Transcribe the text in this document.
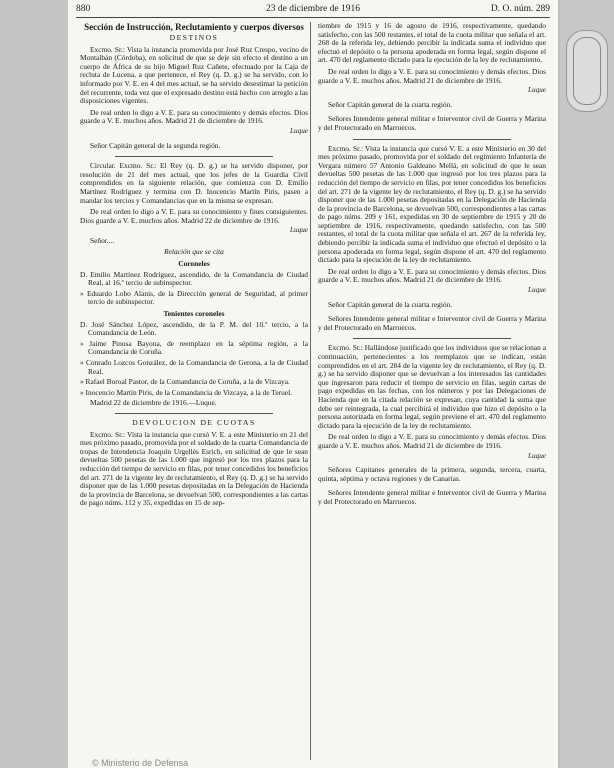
880	23 de diciembre de 1916	D. O. núm. 289
Sección de Instrucción, Reclutamiento y cuerpos diversos
DESTINOS

Excmo. Sr.: Vista la instancia promovida por José Ruz Crespo, vecino de Montalbán (Córdoba), en solicitud de que se deje sin efecto el destino a un cuerpo de África de su hijo Miguel Ruz Cañete, efectuado por la Caja de recluta de Lucena, a que pertenece, el Rey (q. D. g.) se ha servido, con lo informado por V. E. en 4 del mes actual, se ha servido desestimar la petición del recurrente, toda vez que el expresado destino está hecho con arreglo a las disposiciones vigentes.

De real orden lo digo a V. E. para su conocimiento y demás efectos. Dios guarde a V. E. muchos años. Madrid 21 de diciembre de 1916.

Luque

Señor Capitán general de la segunda región.

Circular. Excmo. Sr.: El Rey (q. D. g.) se ha servido disponer, por resolución de 21 del mes actual, que los jefes de la Guardia Civil comprendidos en la siguiente relación, que comienza con D. Emilio Martínez Rodríguez y termina con D. Inocencio Martín Piris, pasen a mandar los tercios y Comandancias que en la misma se expresan.

De real orden lo digo a V. E. para su conocimiento y fines consiguientes. Dios guarde a V. E. muchos años. Madrid 22 de diciembre de 1916.

Luque

Señor....

Relación que se cita
Coroneles

D. Emilio Martínez Rodríguez, ascendido, de la Comandancia de Ciudad Real, al 16.º tercio de subinspector.

» Eduardo Lobo Alanis, de la Dirección general de Seguridad, al primer tercio de subinspector.

Tenientes coroneles

D. José Sánchez López, ascendido, de la P. M. del 10.º tercio, a la Comandancia de León.

» Jaime Pinosa Bayona, de reemplazo en la séptima región, a la Comandancia de Coruña.

» Conrado Lozcos González, de la Comandancia de Gerona, a la de Ciudad Real.

» Rafael Boroal Pastor, de la Comandancia de Coruña, a la de Vizcaya.

» Inocencio Martín Piris, de la Comandancia de Vizcaya, a la de Teruel.

Madrid 22 de diciembre de 1916.—Luque.

DEVOLUCION DE CUOTAS

Excmo. Sr.: Vista la instancia que cursó V. E. a este Ministerio en 21 del mes próximo pasado, promovida por el soldado de la cuarta Comandancia de tropas de Intendencia Joaquín Urgellés Esrich, en solicitud de que le sean devueltas 500 pesetas de las 1.000 que ingresó por los tres plazos para la reducción del tiempo de servicio en filas, por tener concedidos los beneficios del art. 271 de la vigente ley de reclutamiento, el Rey (q. D. g.) se ha servido disponer que de las 1.000 pesetas depositadas en la Delegación de Hacienda de la provincia de Barcelona, se devuelvan 500, correspondientes a las cartas de pago núms. 112 y 35, expedidas en 15 de sep-

tiembre de 1915 y 16 de agosto de 1916, respectivamente, quedando satisfecho, con las 500 restantes, el total de la cuota militar que señala el art. 268 de la referida ley, debiendo percibir la indicada suma el individuo que efectuó el depósito o la persona apoderada en forma legal, según dispone el art. 470 del reglamento dictado para la ejecución de la ley de reclutamiento.

De real orden lo digo a V. E. para su conocimiento y demás efectos. Dios guarde a V. E. muchos años. Madrid 21 de diciembre de 1916.

Luque

Señor Capitán general de la cuarta región.

Señores Intendente general militar e Interventor civil de Guerra y Marina y del Protectorado en Marruecos.

Excmo. Sr.: Vista la instancia que cursó V. E. a este Ministerio en 30 del mes próximo pasado, promovida por el soldado del regimiento Infantería de Vergara número 57 Antonio Galdeano Mellá, en solicitud de que le sean devueltas 500 pesetas de las 1.000 que ingresó por los tres plazos para la reducción del tiempo de servicio en filas, por tener concedidos los beneficios del art. 271 de la vigente ley de reclutamiento, el Rey (q. D. g.) se ha servido disponer que de las 1.000 pesetas depositadas en la Delegación de Hacienda de la provincia de Barcelona, se devuelvan 500, correspondientes a las cartas de pago núms. 209 y 161, expedidas en 30 de septiembre de 1915 y 20 de septiembre de 1916, respectivamente, quedando satisfecho, con las 500 restantes, el total de la cuota militar que señala el art. 267 de la referida ley, debiendo percibir la indicada suma el individuo que efectuó el depósito o la persona apoderada en forma legal, según dispone el art. 470 del reglamento dictado para la ejecución de la ley de reclutamiento.

De real orden lo digo a V. E. para su conocimiento y demás efectos. Dios guarde a V. E. muchos años. Madrid 21 de diciembre de 1916.

Luque

Señor Capitán general de la cuarta región.

Señores Intendente general militar e Interventor civil de Guerra y Marina y del Protectorado en Marruecos.

Excmo. Sr.: Hallándose justificado que los individuos que se relacionan a continuación, pertenecientes a los reemplazos que se indican, están comprendidos en el art. 284 de la vigente ley de reclutamiento, el Rey (q. D. g.) se ha servido disponer que se devuelvan a los interesados las cantidades que ingresaron para reducir el tiempo de servicio en filas, según cartas de pago expedidas en las fechas, con los números y por las Delegaciones de Hacienda que en la citada relación se expresan, cuya cantidad la suma que debe ser reintegrada, la cual percibirá el individuo que hizo el depósito o la persona autorizada en forma legal, según previene el art. 470 del reglamento dictado para la ejecución de la ley de reclutamiento.

De real orden lo digo a V. E. para su conocimiento y demás efectos. Dios guarde a V. E. muchos años. Madrid 21 de diciembre de 1916.

Luque

Señores Capitanes generales de la primera, segunda, tercera, cuarta, quinta, séptima y octava regiones y de Canarias.

Señores Intendente general militar e Interventor civil de Guerra y Marina y del Protectorado en Marruecos.

© Ministerio de Defensa
